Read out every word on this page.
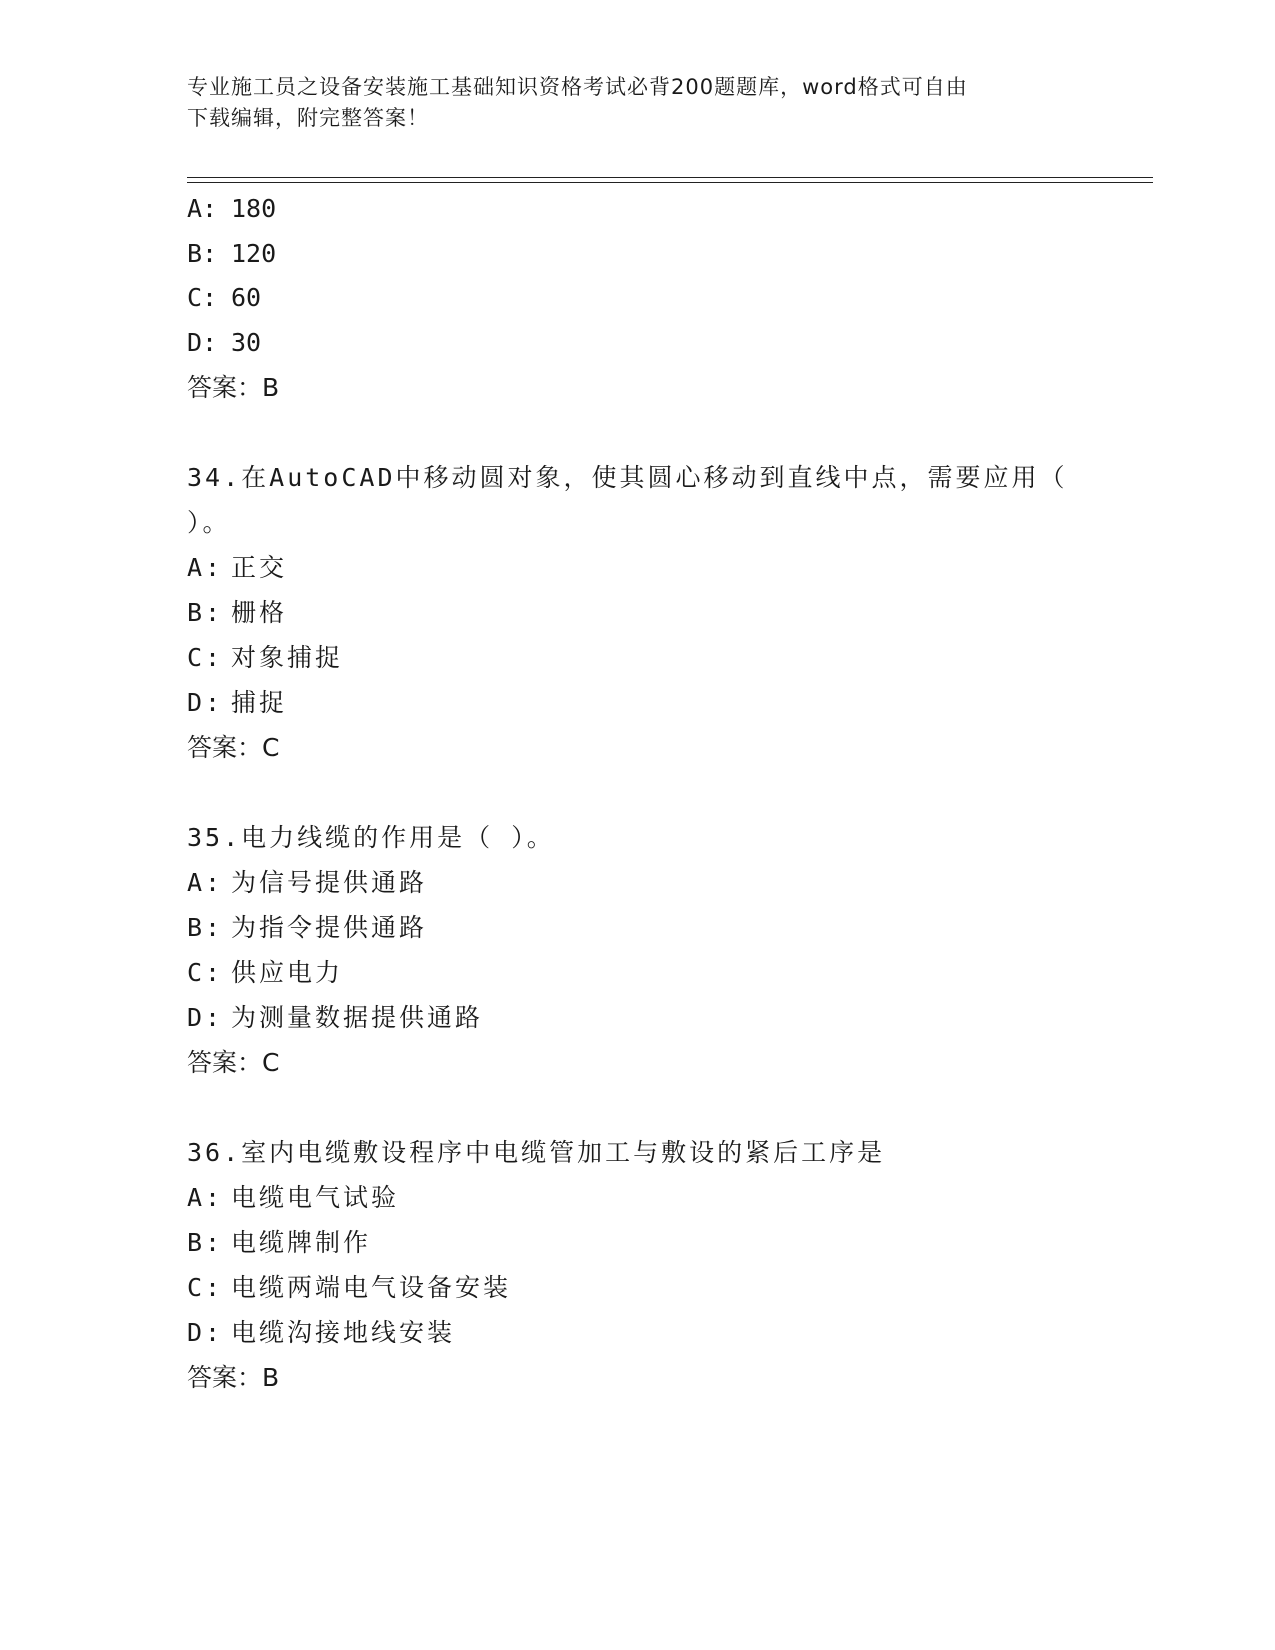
专业施工员之设备安装施工基础知识资格考试必背200题题库，word格式可自由
下载编辑，附完整答案！
A: 180
B: 120
C: 60
D: 30
答案：B
34.在AutoCAD中移动圆对象，使其圆心移动到直线中点，需要应用（
）。
A: 正交
B: 栅格
C: 对象捕捉
D: 捕捉
答案：C
35.电力线缆的作用是（ ）。
A: 为信号提供通路
B: 为指令提供通路
C: 供应电力
D: 为测量数据提供通路
答案：C
36.室内电缆敷设程序中电缆管加工与敷设的紧后工序是
A: 电缆电气试验
B: 电缆牌制作
C: 电缆两端电气设备安装
D: 电缆沟接地线安装
答案：B
